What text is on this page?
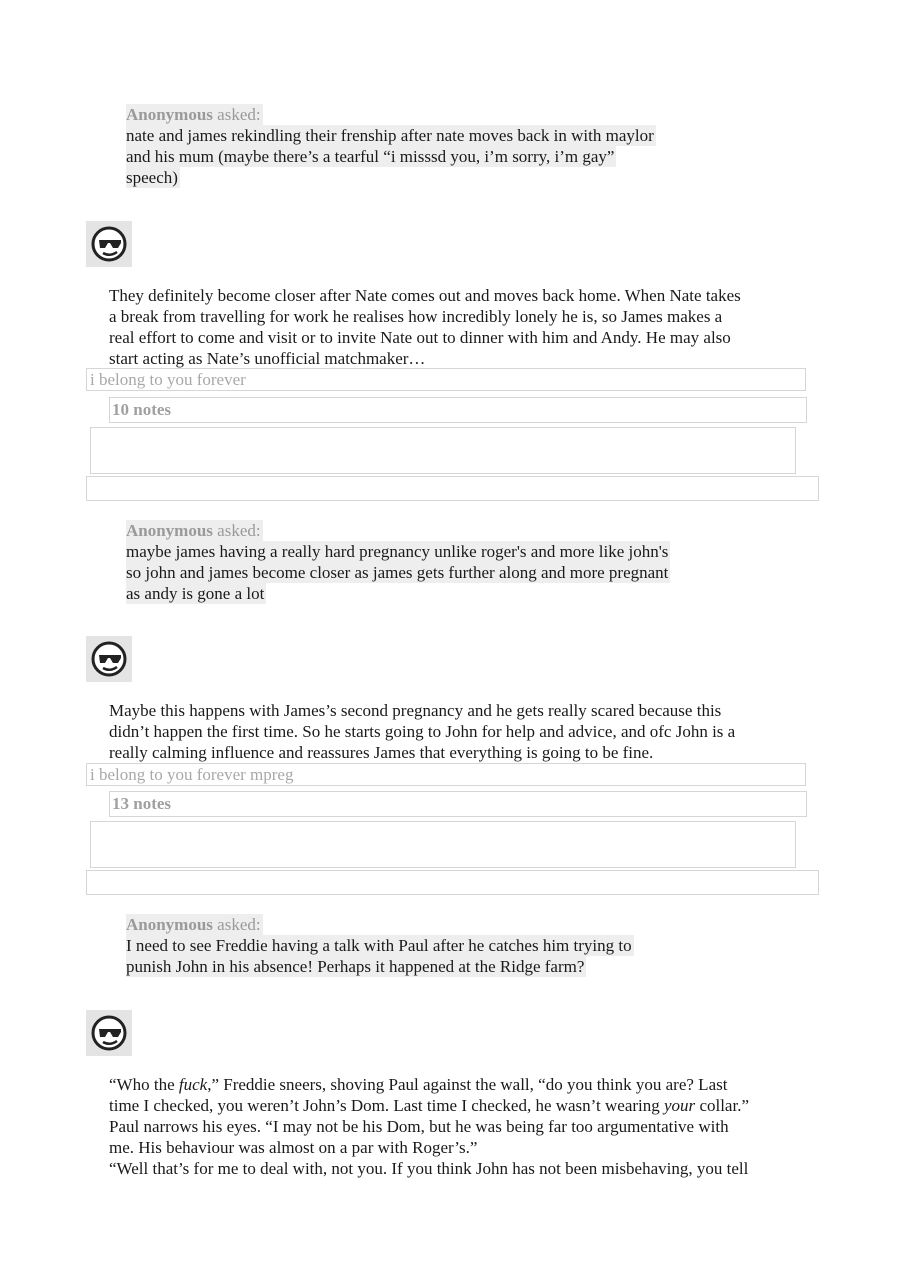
Anonymous asked:
nate and james rekindling their frenship after nate moves back in with maylor
and his mum (maybe there’s a tearful “i misssd you, i’m sorry, i’m gay”
speech)

They definitely become closer after Nate comes out and moves back home. When Nate takes

a break from travelling for work he realises how incredibly lonely he is, so James makes a

real effort to come and visit or to invite Nate out to dinner with him and Andy. He may also

start acting as Nate’s unofficial matchmaker…

i belong to you forever
10 notes
Anonymous asked:
maybe james having a really hard pregnancy unlike roger's and more like john's
so john and james become closer as james gets further along and more pregnant
as andy is gone a lot

Maybe this happens with James’s second pregnancy and he gets really scared because this

didn’t happen the first time. So he starts going to John for help and advice, and ofc John is a

really calming influence and reassures James that everything is going to be fine.

i belong to you forever mpreg
13 notes
Anonymous asked:
I need to see Freddie having a talk with Paul after he catches him trying to
punish John in his absence! Perhaps it happened at the Ridge farm?

“Who the fuck,” Freddie sneers, shoving Paul against the wall, “do you think you are? Last

time I checked, you weren’t John’s Dom. Last time I checked, he wasn’t wearing your collar.”

Paul narrows his eyes. “I may not be his Dom, but he was being far too argumentative with

me. His behaviour was almost on a par with Roger’s.”

“Well that’s for me to deal with, not you. If you think John has not been misbehaving, you tell
